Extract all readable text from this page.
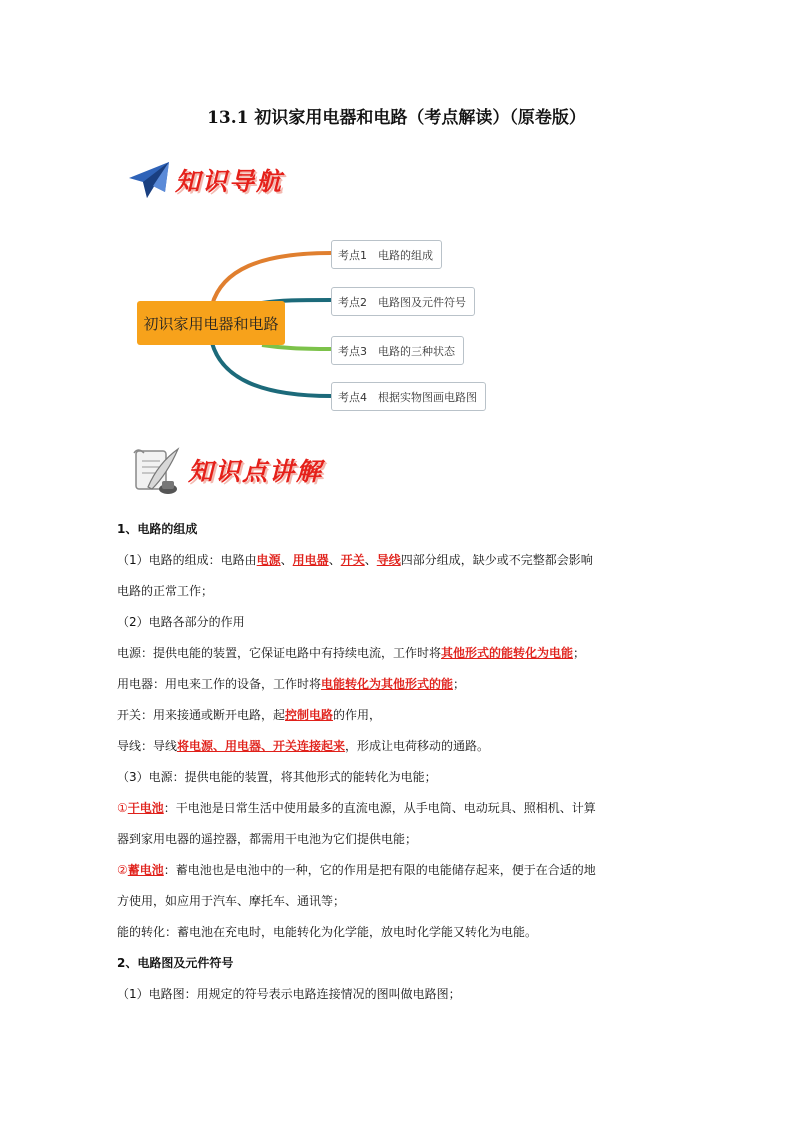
13.1 初识家用电器和电路（考点解读）（原卷版）
知识导航
初识家用电器和电路
考点1 电路的组成
考点2 电路图及元件符号
考点3 电路的三种状态
考点4 根据实物图画电路图
知识点讲解
1、电路的组成
（1）电路的组成：电路由电源、用电器、开关、导线四部分组成，缺少或不完整都会影响
电路的正常工作；
（2）电路各部分的作用
电源：提供电能的装置，它保证电路中有持续电流，工作时将其他形式的能转化为电能；
用电器：用电来工作的设备，工作时将电能转化为其他形式的能；
开关：用来接通或断开电路，起控制电路的作用，
导线：导线将电源、用电器、开关连接起来，形成让电荷移动的通路。
（3）电源：提供电能的装置，将其他形式的能转化为电能；
①干电池：干电池是日常生活中使用最多的直流电源，从手电筒、电动玩具、照相机、计算
器到家用电器的遥控器，都需用干电池为它们提供电能；
②蓄电池：蓄电池也是电池中的一种，它的作用是把有限的电能储存起来，便于在合适的地
方使用，如应用于汽车、摩托车、通讯等；
能的转化：蓄电池在充电时，电能转化为化学能，放电时化学能又转化为电能。
2、电路图及元件符号
（1）电路图：用规定的符号表示电路连接情况的图叫做电路图；
